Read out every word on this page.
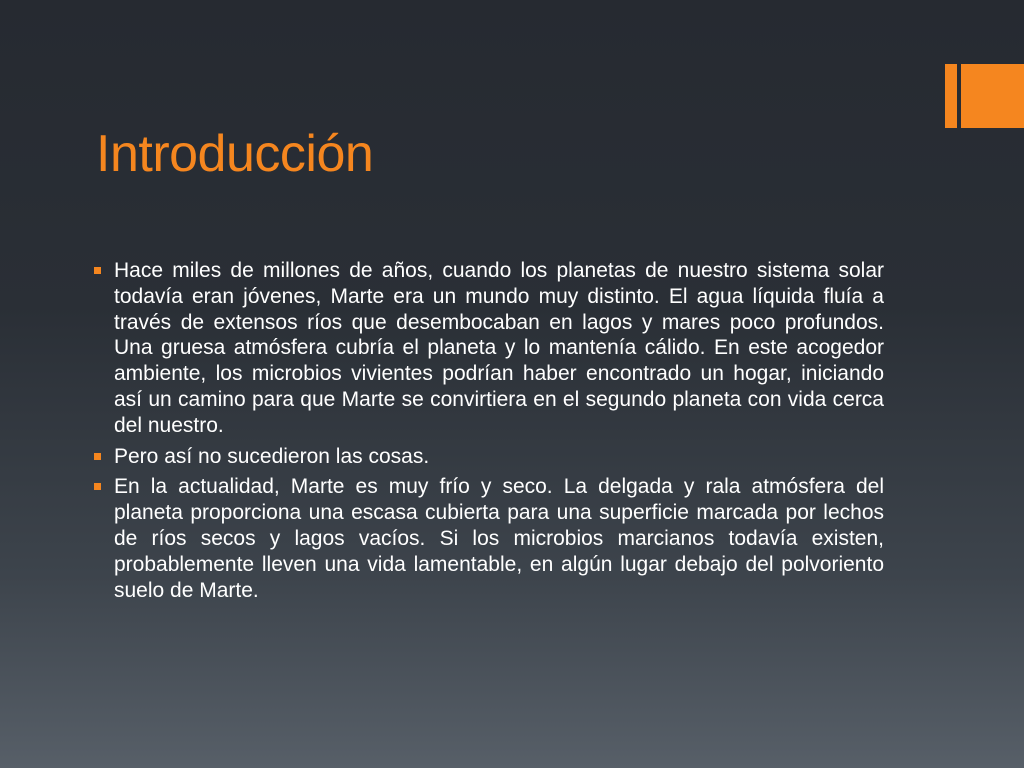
Introducción
Hace miles de millones de años, cuando los planetas de nuestro sistema solar todavía eran jóvenes, Marte era un mundo muy distinto. El agua líquida fluía a través de extensos ríos que desembocaban en lagos y mares poco profundos. Una gruesa atmósfera cubría el planeta y lo mantenía cálido. En este acogedor ambiente, los microbios vivientes podrían haber encontrado un hogar, iniciando así un camino para que Marte se convirtiera en el segundo planeta con vida cerca del nuestro.
Pero así no sucedieron las cosas.
En la actualidad, Marte es muy frío y seco. La delgada y rala atmósfera del planeta proporciona una escasa cubierta para una superficie marcada por lechos de ríos secos y lagos vacíos. Si los microbios marcianos todavía existen, probablemente lleven una vida lamentable, en algún lugar debajo del polvoriento suelo de Marte.
